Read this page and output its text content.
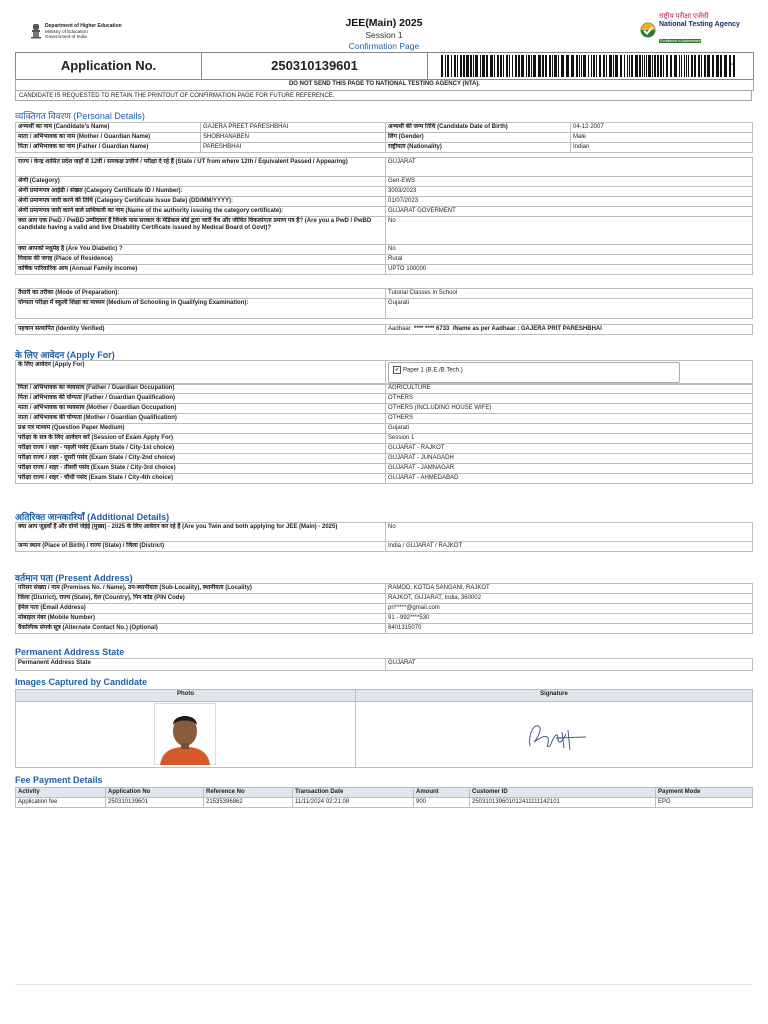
Department of Higher Education
Ministry of Education
Government of India
JEE(Main) 2025
Session 1
Confirmation Page
राष्ट्रीय परीक्षा एजेंसी
National Testing Agency
Excellence in Assessment
Application No.	250310139601	-
DO NOT SEND THIS PAGE TO NATIONAL TESTING AGENCY (NTA).
CANDIDATE IS REQUESTED TO RETAIN THE PRINTOUT OF CONFIRMATION PAGE FOR FUTURE REFERENCE.
व्यक्तिगत विवरण (Personal Details)
अभ्यर्थी का नाम (Candidate's Name)	GAJERA PREET PARESHBHAI	अभ्यर्थी की जन्म तिथि (Candidate Date of Birth)	04-12-2007
माता / अभिभावक का नाम (Mother / Guardian Name)	SHOBHANABEN	लिंग (Gender)	Male
पिता / अभिभावक का नाम (Father / Guardian Name)	PARESHBHAI	राष्ट्रीयता (Nationality)	Indian
राज्य / केन्द्र शासित प्रदेश जहाँ से 12वीं / समकक्ष उत्तीर्ण / परीक्षा दे रहे हैं (State / UT from where 12th / Equivalent Passed / Appearing)	GUJARAT
श्रेणी (Category)	Gen-EWS
श्रेणी प्रमाणपत्र आईडी / संख्या (Category Certificate ID / Number):	3003/2023
श्रेणी प्रमाणपत्र जारी करने की तिथि (Category Certificate Issue Date) (DD/MM/YYYY):	01/07/2023
श्रेणी प्रमाणपत्र जारी करने वाले प्राधिकारी का नाम (Name of the authority issuing the category certificate):	GUJARAT GOVERMENT
क्या आप एक PwD / PwBD उम्मीदवार हैं जिनके पास सरकार के मेडिकल बोर्ड द्वारा जारी वैध और जीवित विकलांगता प्रमाण पत्र है? (Are you a PwD / PwBD candidate having a valid and live Disability Certificate issued by Medical Board of Govt)?	No
क्या आपको मधुमेह है (Are You Diabetic) ?	No
निवास की जगह (Place of Residence)	Rural
वार्षिक पारिवारिक आय (Annual Family Income)	UPTO 100000
तैयारी का तरीका (Mode of Preparation):	Tutorial Classes in School
योग्यता परीक्षा में स्कूली शिक्षा का माध्यम (Medium of Schooling in Qualifying Examination):	Gujarati
पहचान सत्यापित (Identity Verified)	Aadhaar **** **** 6733 /Name as per Aadhaar : GAJERA PRIT PARESHBHAI
के लिए आवेदन (Apply For)
के लिए आवेदन (Apply For)	✔ Paper 1 (B.E./B.Tech.)
पिता / अभिभावक का व्यवसाय (Father / Guardian Occupation)	AGRICULTURE
पिता / अभिभावक की योग्यता (Father / Guardian Qualification)	OTHERS
माता / अभिभावक का व्यवसाय (Mother / Guardian Occupation)	OTHERS (INCLUDING HOUSE WIFE)
माता / अभिभावक की योग्यता (Mother / Guardian Qualification)	OTHERS
प्रश्न पत्र माध्यम (Question Paper Medium)	Gujarati
परीक्षा के सत्र के लिए आवेदन करें (Session of Exam Apply For)	Session 1
परीक्षा राज्य / शहर - पहली पसंद (Exam State / City-1st choice)	GUJARAT - RAJKOT
परीक्षा राज्य / शहर - दूसरी पसंद (Exam State / City-2nd choice)	GUJARAT - JUNAGADH
परीक्षा राज्य / शहर - तीसरी पसंद (Exam State / City-3rd choice)	GUJARAT - JAMNAGAR
परीक्षा राज्य / शहर - चौथी पसंद (Exam State / City-4th choice)	GUJARAT - AHMEDABAD
अतिरिक्त जानकारियाँ (Additional Details)
क्या आप जुड़वाँ हैं और दोनों जेईई (मुख्य) - 2025 के लिए आवेदन कर रहे हैं (Are you Twin and both applying for JEE (Main) - 2025)	No
जन्म स्थान (Place of Birth) / राज्य (State) / जिला (District)	India / GUJARAT / RAJKOT
वर्तमान पता (Present Address)
परिसर संख्या / नाम (Premises No. / Name), उप-स्थानीयता (Sub-Locality), स्थानीयता (Locality)	RAMOD, KOTDA SANGANI, RAJKOT
जिला (District), राज्य (State), देश (Country), पिन कोड (PIN Code)	RAJKOT, GUJARAT, India, 360002
ईमेल पता (Email Address)	pri*****@gmail.com
मोबाइल नंबर (Mobile Number)	91 - 992****530
वैकल्पिक संपर्क सूत्र (Alternate Contact No.) (Optional)	8401315070
Permanent Address State
Permanent Address State	GUJARAT
Images Captured by Candidate
Photo	Signature

Fee Payment Details
Activity	Application No	Reference No	Transaction Date	Amount	Customer ID	Payment Mode
Application fee	250310139601	21535396862	11/11/2024 02:21:08	900	250310139601012411111142101	EPG
